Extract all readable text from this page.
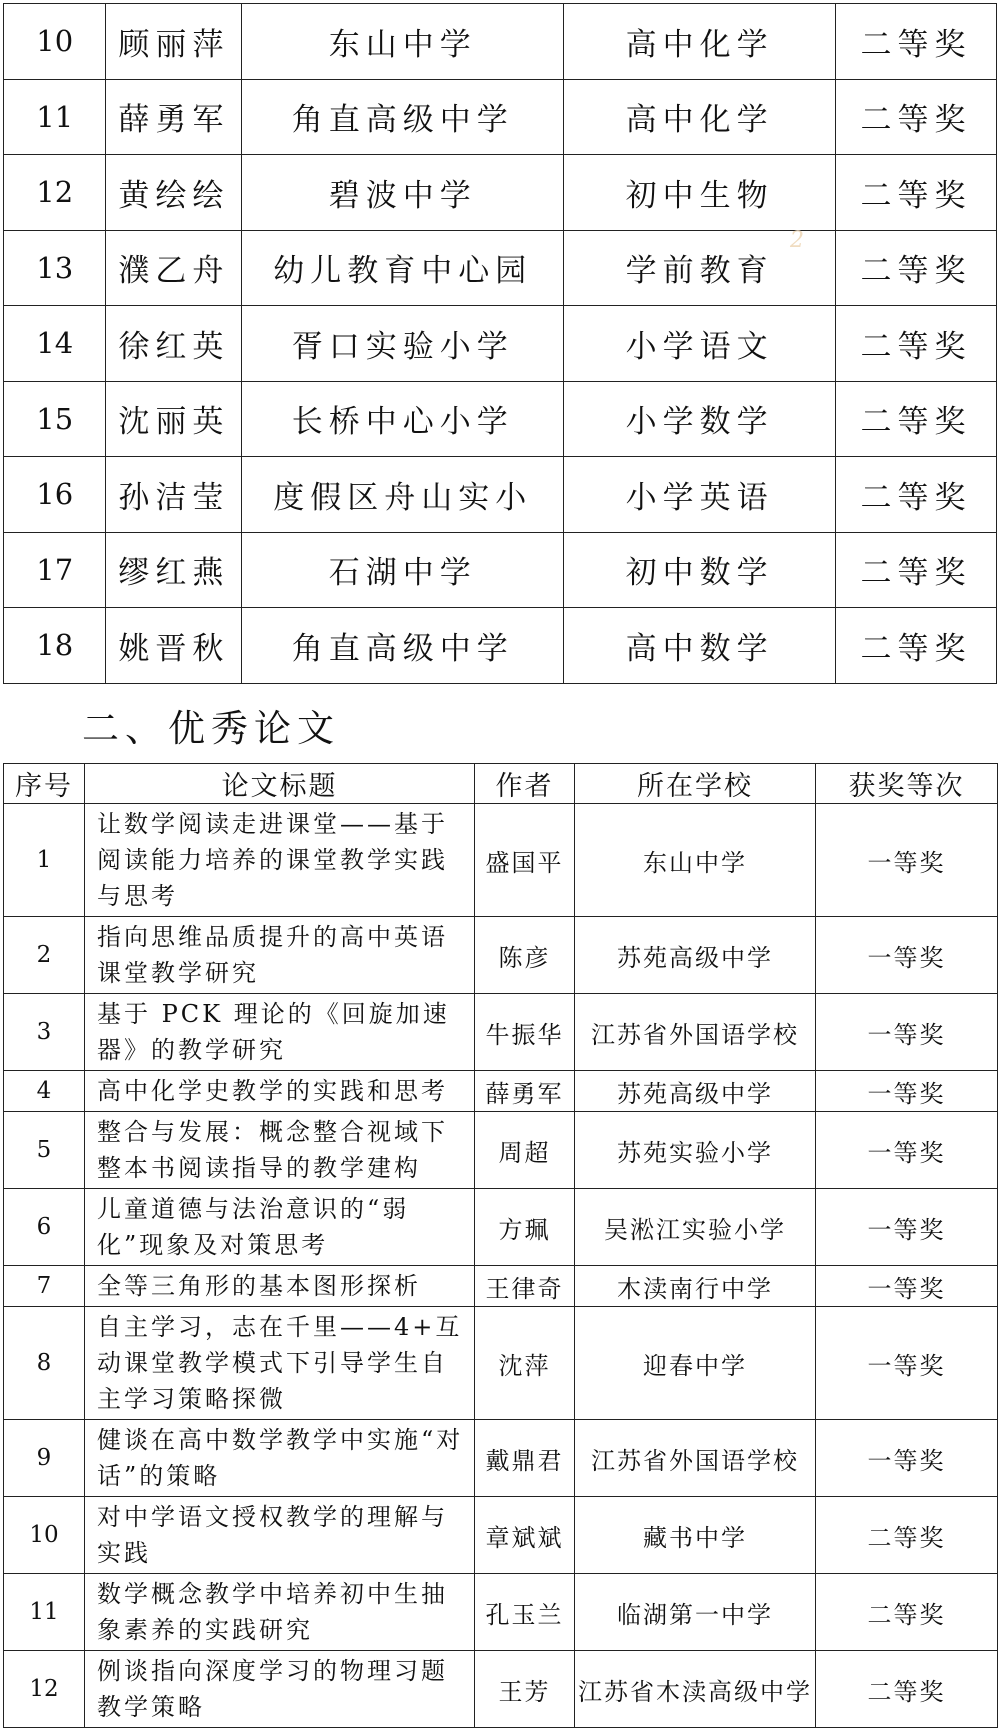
10	顾丽萍	东山中学	高中化学	二等奖
11	薛勇军	角直高级中学	高中化学	二等奖
12	黄绘绘	碧波中学	初中生物	二等奖
13	濮乙舟	幼儿教育中心园	学前教育	二等奖
14	徐红英	胥口实验小学	小学语文	二等奖
15	沈丽英	长桥中心小学	小学数学	二等奖
16	孙洁莹	度假区舟山实小	小学英语	二等奖
17	缪红燕	石湖中学	初中数学	二等奖
18	姚晋秋	角直高级中学	高中数学	二等奖
2
二、优秀论文
序号	论文标题	作者	所在学校	获奖等次
1	让数学阅读走进课堂——基于阅读能力培养的课堂教学实践与思考	盛国平	东山中学	一等奖
2	指向思维品质提升的高中英语课堂教学研究	陈彦	苏苑高级中学	一等奖
3	基于 PCK 理论的《回旋加速器》的教学研究	牛振华	江苏省外国语学校	一等奖
4	高中化学史教学的实践和思考	薛勇军	苏苑高级中学	一等奖
5	整合与发展：概念整合视域下整本书阅读指导的教学建构	周超	苏苑实验小学	一等奖
6	儿童道德与法治意识的“弱化”现象及对策思考	方珮	吴淞江实验小学	一等奖
7	全等三角形的基本图形探析	王律奇	木渎南行中学	一等奖
8	自主学习，志在千里——4+互动课堂教学模式下引导学生自主学习策略探微	沈萍	迎春中学	一等奖
9	健谈在高中数学教学中实施“对话”的策略	戴鼎君	江苏省外国语学校	一等奖
10	对中学语文授权教学的理解与实践	章斌斌	藏书中学	二等奖
11	数学概念教学中培养初中生抽象素养的实践研究	孔玉兰	临湖第一中学	二等奖
12	例谈指向深度学习的物理习题教学策略	王芳	江苏省木渎高级中学	二等奖
